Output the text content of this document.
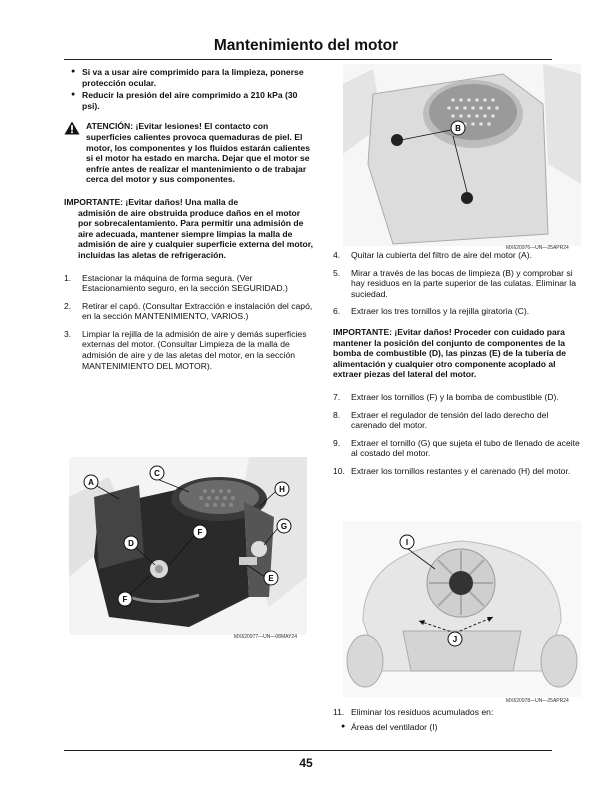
Mantenimiento del motor
● Si va a usar aire comprimido para la limpieza, ponerse protección ocular.
● Reducir la presión del aire comprimido a 210 kPa (30 psi).
ATENCIÓN: ¡Evitar lesiones! El contacto con superficies calientes provoca quemaduras de piel. El motor, los componentes y los fluidos estarán calientes si el motor ha estado en marcha. Dejar que el motor se enfríe antes de realizar el mantenimiento o de trabajar cerca del motor y sus componentes.
IMPORTANTE: ¡Evitar daños! Una malla de
admisión de aire obstruida produce daños en el motor por sobrecalentamiento. Para permitir una admisión de aire adecuada, mantener siempre limpias la malla de admisión de aire y cualquier superficie externa del motor, incluidas las aletas de refrigeración.
1. Estacionar la máquina de forma segura. (Ver Estacionamiento seguro, en la sección SEGURIDAD.)
2. Retirar el capó. (Consultar Extracción e instalación del capó, en la sección MANTENIMIENTO, VARIOS.)
3. Limpiar la rejilla de la admisión de aire y demás superficies externas del motor. (Consultar Limpieza de la malla de admisión de aire y de las aletas del motor, en la sección MANTENIMIENTO DEL MOTOR).
A
C
H
F
G
D
E
F
MX620977—UN—08MAY24
B
MX620976—UN—25APR24
4. Quitar la cubierta del filtro de aire del motor (A).
5. Mirar a través de las bocas de limpieza (B) y comprobar si hay residuos en la parte superior de las culatas. Eliminar la suciedad.
6. Extraer los tres tornillos y la rejilla giratoria (C).
IMPORTANTE: ¡Evitar daños! Proceder con cuidado para mantener la posición del conjunto de componentes de la bomba de combustible (D), las pinzas (E) de la tubería de alimentación y cualquier otro componente acoplado al extraer piezas del lateral del motor.
7. Extraer los tornillos (F) y la bomba de combustible (D).
8. Extraer el regulador de tensión del lado derecho del carenado del motor.
9. Extraer el tornillo (G) que sujeta el tubo de llenado de aceite al costado del motor.
10. Extraer los tornillos restantes y el carenado (H) del motor.
I
J
MX620978—UN—25APR24
11. Eliminar los residuos acumulados en:
● Áreas del ventilador (I)
45
